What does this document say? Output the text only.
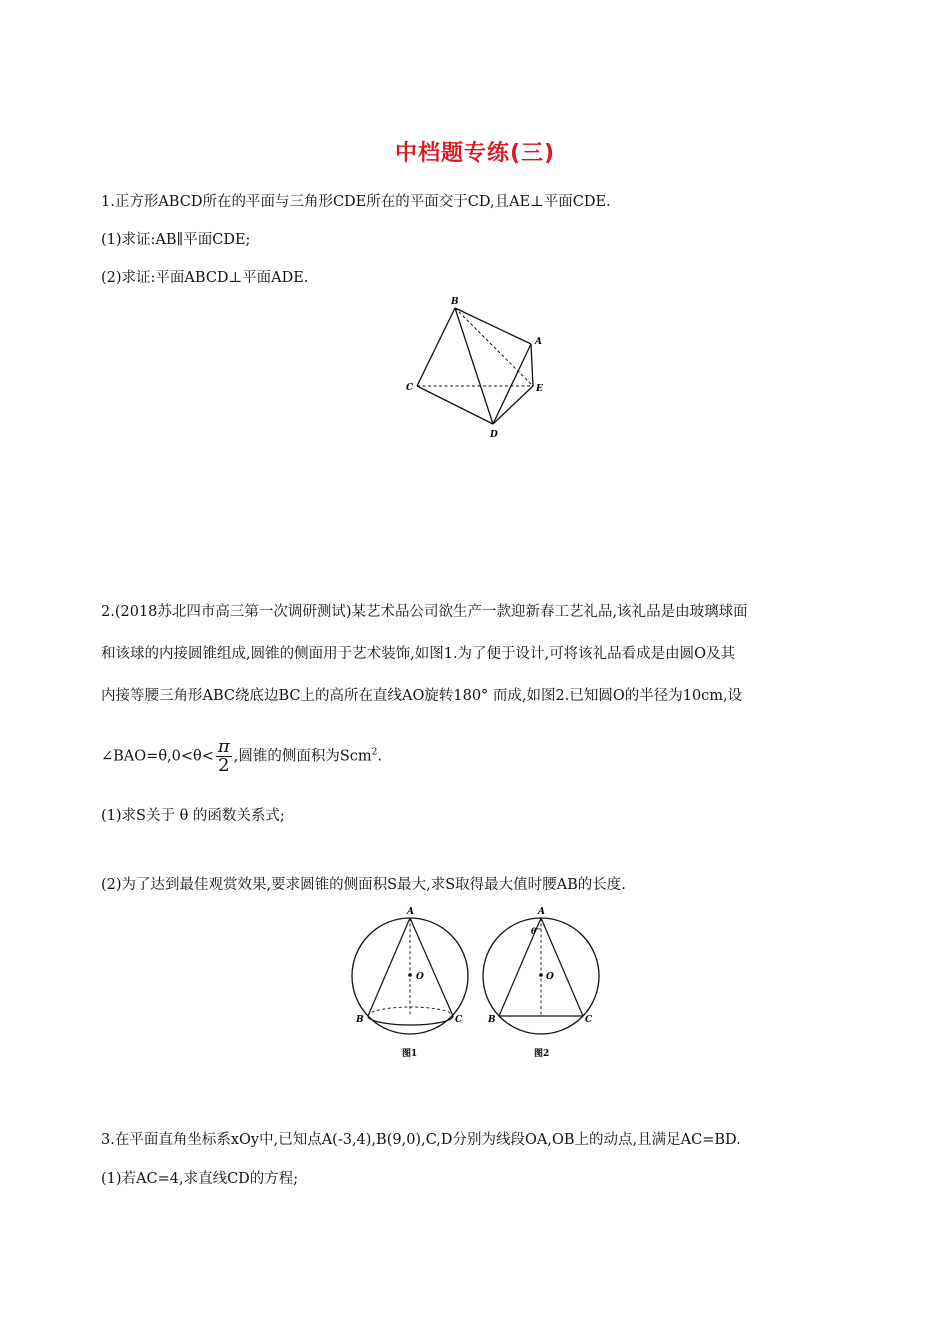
中档题专练(三)
1.正方形ABCD所在的平面与三角形CDE所在的平面交于CD,且AE⊥平面CDE.
(1)求证:AB∥平面CDE;
(2)求证:平面ABCD⊥平面ADE.
B
A
C	E
D
2.(2018苏北四市高三第一次调研测试)某艺术品公司欲生产一款迎新春工艺礼品,该礼品是由玻璃球面
和该球的内接圆锥组成,圆锥的侧面用于艺术装饰,如图1.为了便于设计,可将该礼品看成是由圆O及其
内接等腰三角形ABC绕底边BC上的高所在直线AO旋转180° 而成,如图2.已知圆O的半径为10cm,设
∠BAO=θ,0<θ< $\frac{\pi}{2}$ ,圆锥的侧面积为Scm$^2$.
(1)求S关于 θ 的函数关系式;
(2)为了达到最佳观赏效果,要求圆锥的侧面积S最大,求S取得最大值时腰AB的长度.
A
O
B	C
图1
A
θ
O
B	C
图2
3.在平面直角坐标系xOy中,已知点A(-3,4),B(9,0),C,D分别为线段OA,OB上的动点,且满足AC=BD.
(1)若AC=4,求直线CD的方程;
